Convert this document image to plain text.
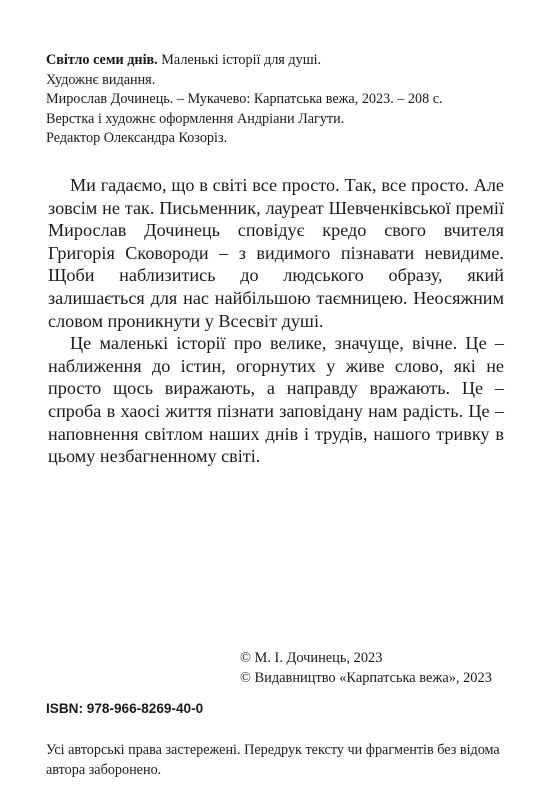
Світло семи днів. Маленькі історії для душі.
Художнє видання.
Мирослав Дочинець. – Мукачево: Карпатська вежа, 2023. – 208 с.
Верстка і художнє оформлення Андріани Лагути.
Редактор Олександра Козоріз.

Ми гадаємо, що в світі все просто. Так, все просто. Але зовсім не так. Письменник, лауреат Шевченківської премії Мирослав Дочинець сповідує кредо свого вчителя Григорія Сковороди – з видимого пізнавати невидиме. Щоби наблизитись до людського образу, який залишається для нас найбільшою таємницею. Неосяжним словом проникнути у Всесвіт душі.

Це маленькі історії про велике, значуще, вічне. Це – наближення до істин, огорнутих у живе слово, які не просто щось виражають, а направду вражають. Це – спроба в хаосі життя пізнати заповідану нам радість. Це – наповнення світлом наших днів і трудів, нашого тривку в цьому незбагненному світі.

© М. І. Дочинець, 2023
© Видавництво «Карпатська вежа», 2023
ISBN: 978-966-8269-40-0
Усі авторські права застережені. Передрук тексту чи фрагментів без відома автора заборонено.
